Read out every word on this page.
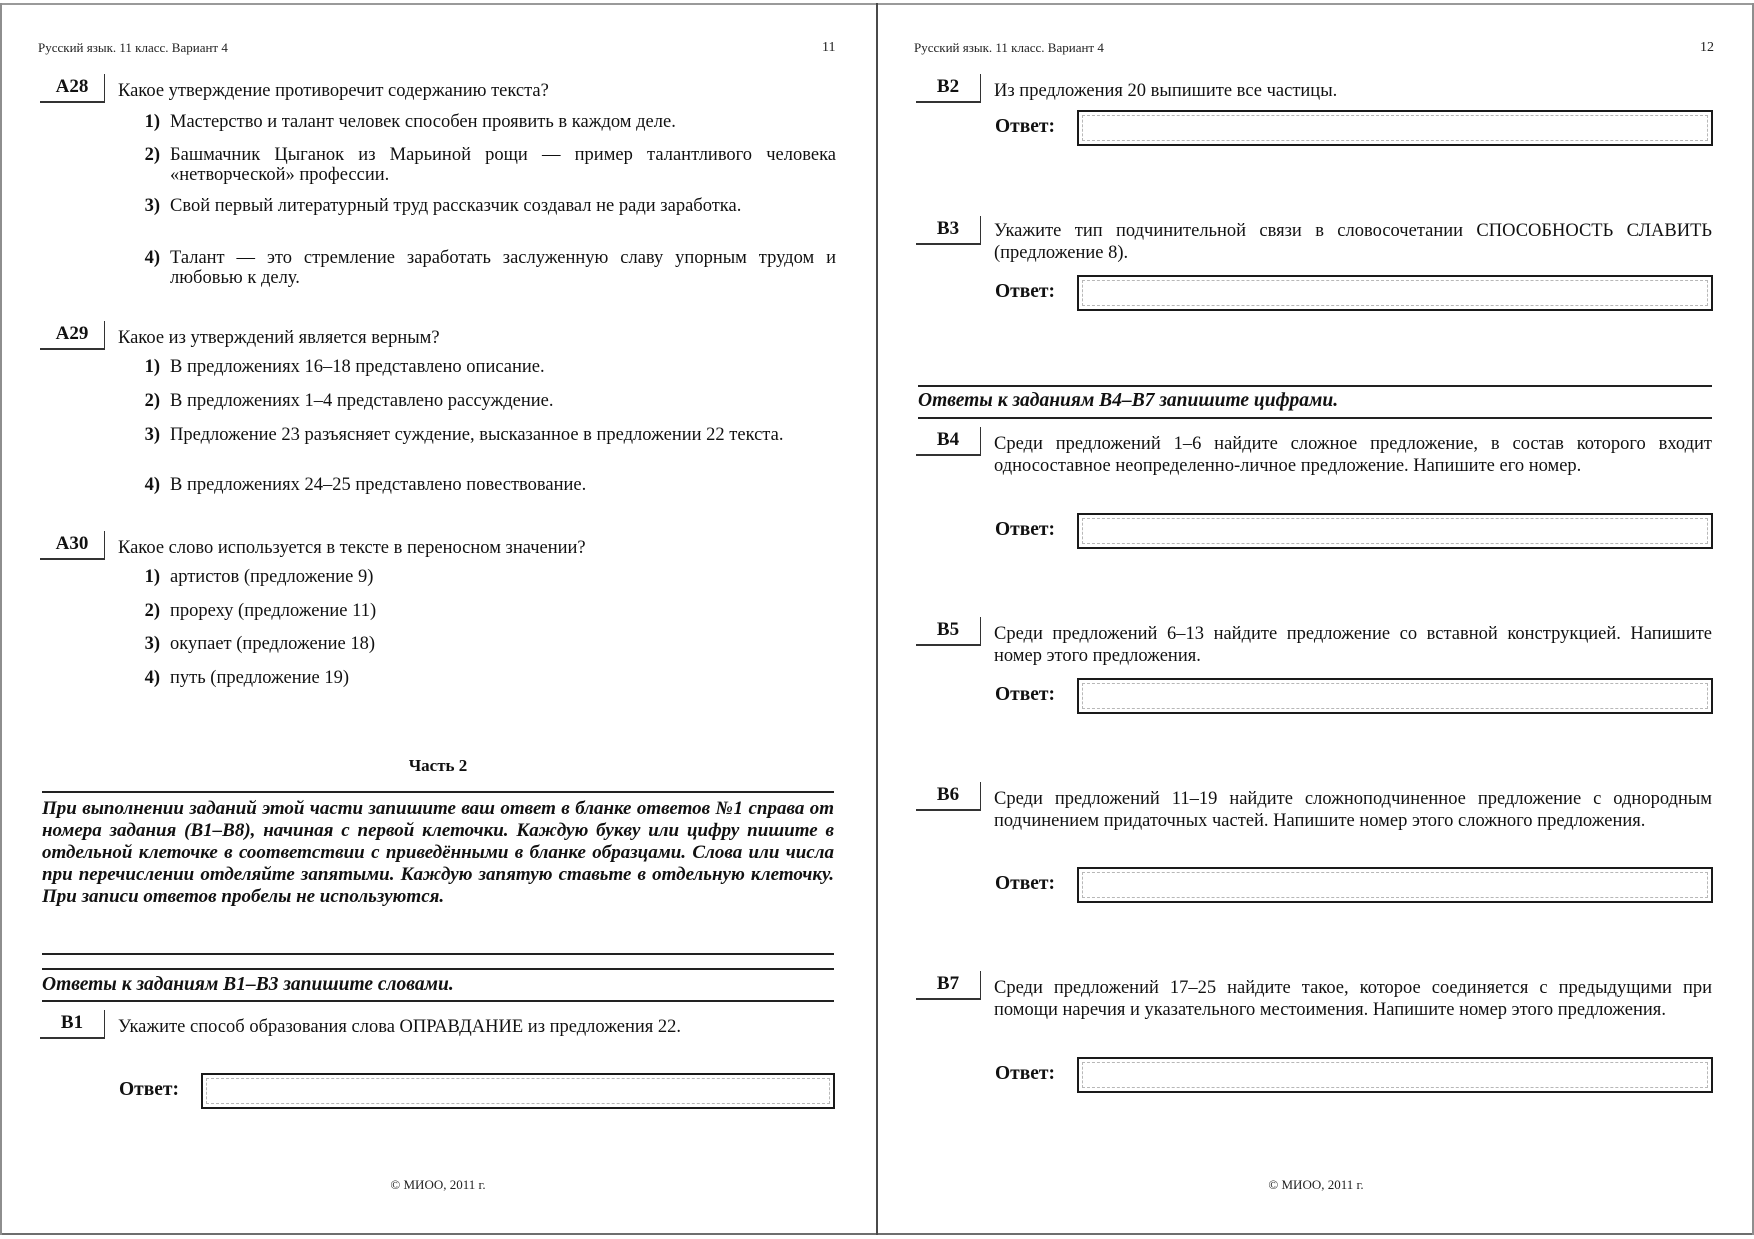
Русский язык. 11 класс. Вариант 4	11
A28	Какое утверждение противоречит содержанию текста?
1) Мастерство и талант человек способен проявить в каждом деле.
2) Башмачник Цыганок из Марьиной рощи — пример талантливого человека «нетворческой» профессии.
3) Свой первый литературный труд рассказчик создавал не ради заработка.
4) Талант — это стремление заработать заслуженную славу упорным трудом и любовью к делу.
A29	Какое из утверждений является верным?
1) В предложениях 16–18 представлено описание.
2) В предложениях 1–4 представлено рассуждение.
3) Предложение 23 разъясняет суждение, высказанное в предложении 22 текста.
4) В предложениях 24–25 представлено повествование.
A30	Какое слово используется в тексте в переносном значении?
1) артистов (предложение 9)
2) прореху (предложение 11)
3) окупает (предложение 18)
4) путь (предложение 19)
Часть 2
При выполнении заданий этой части запишите ваш ответ в бланке ответов №1 справа от номера задания (B1–B8), начиная с первой клеточки. Каждую букву или цифру пишите в отдельной клеточке в соответствии с приведёнными в бланке образцами. Слова или числа при перечислении отделяйте запятыми. Каждую запятую ставьте в отдельную клеточку. При записи ответов пробелы не используются.
Ответы к заданиям B1–B3 запишите словами.
B1	Укажите способ образования слова ОПРАВДАНИЕ из предложения 22.
Ответ:
© МИОО, 2011 г.
Русский язык. 11 класс. Вариант 4	12
B2	Из предложения 20 выпишите все частицы.
Ответ:
B3	Укажите тип подчинительной связи в словосочетании СПОСОБНОСТЬ СЛАВИТЬ (предложение 8).
Ответ:
Ответы к заданиям B4–B7 запишите цифрами.
B4	Среди предложений 1–6 найдите сложное предложение, в состав которого входит односоставное неопределенно-личное предложение. Напишите его номер.
Ответ:
B5	Среди предложений 6–13 найдите предложение со вставной конструкцией. Напишите номер этого предложения.
Ответ:
B6	Среди предложений 11–19 найдите сложноподчиненное предложение с однородным подчинением придаточных частей. Напишите номер этого сложного предложения.
Ответ:
B7	Среди предложений 17–25 найдите такое, которое соединяется с предыдущими при помощи наречия и указательного местоимения. Напишите номер этого предложения.
Ответ:
© МИОО, 2011 г.
